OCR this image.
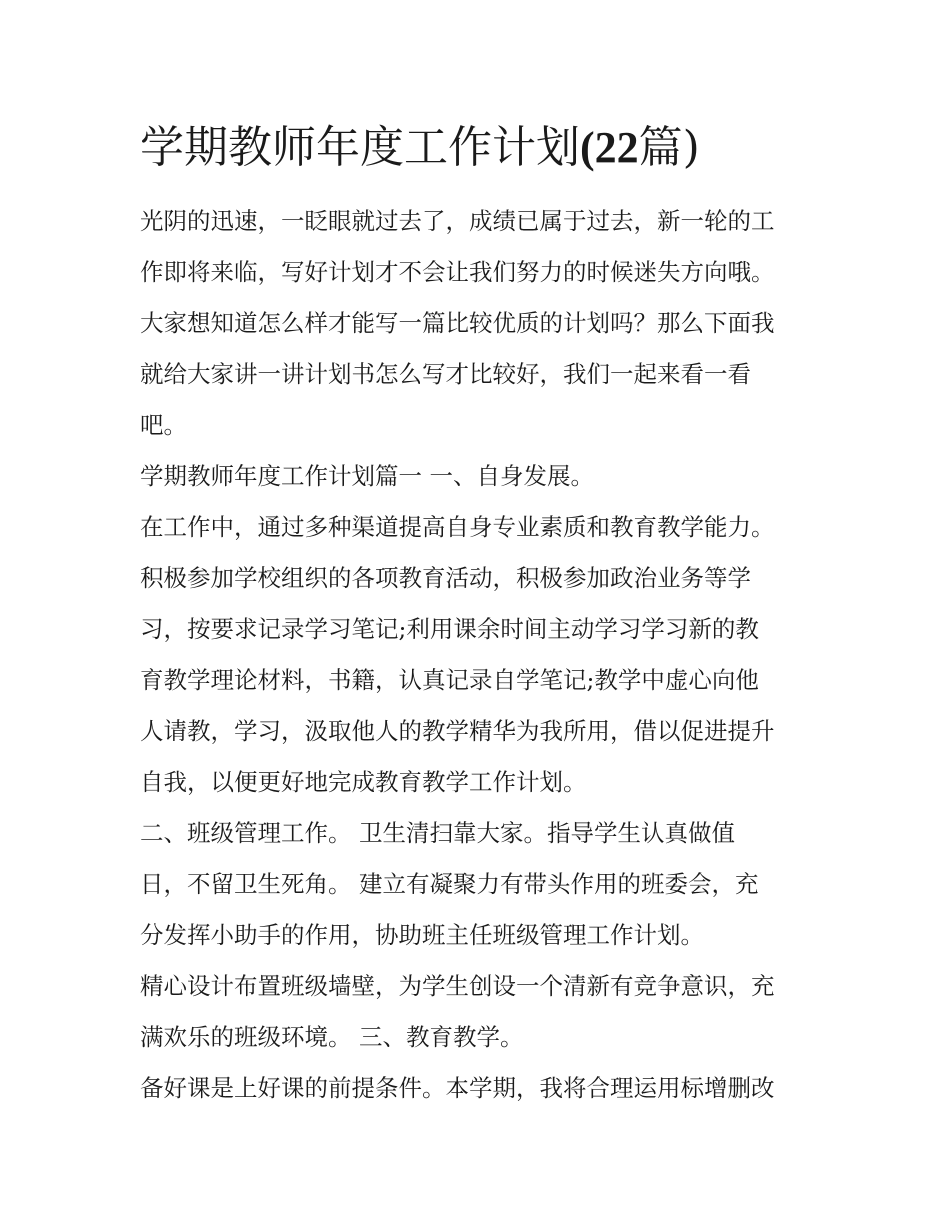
学期教师年度工作计划(22篇)
光阴的迅速，一眨眼就过去了，成绩已属于过去，新一轮的工
作即将来临，写好计划才不会让我们努力的时候迷失方向哦。
大家想知道怎么样才能写一篇比较优质的计划吗？那么下面我
就给大家讲一讲计划书怎么写才比较好，我们一起来看一看
吧。
学期教师年度工作计划篇一 一、自身发展。
在工作中，通过多种渠道提高自身专业素质和教育教学能力。
积极参加学校组织的各项教育活动，积极参加政治业务等学
习，按要求记录学习笔记;利用课余时间主动学习学习新的教
育教学理论材料，书籍，认真记录自学笔记;教学中虚心向他
人请教，学习，汲取他人的教学精华为我所用，借以促进提升
自我，以便更好地完成教育教学工作计划。
二、班级管理工作。 卫生清扫靠大家。指导学生认真做值
日，不留卫生死角。 建立有凝聚力有带头作用的班委会，充
分发挥小助手的作用，协助班主任班级管理工作计划。
精心设计布置班级墙壁，为学生创设一个清新有竞争意识，充
满欢乐的班级环境。 三、教育教学。
备好课是上好课的前提条件。本学期，我将合理运用标增删改
